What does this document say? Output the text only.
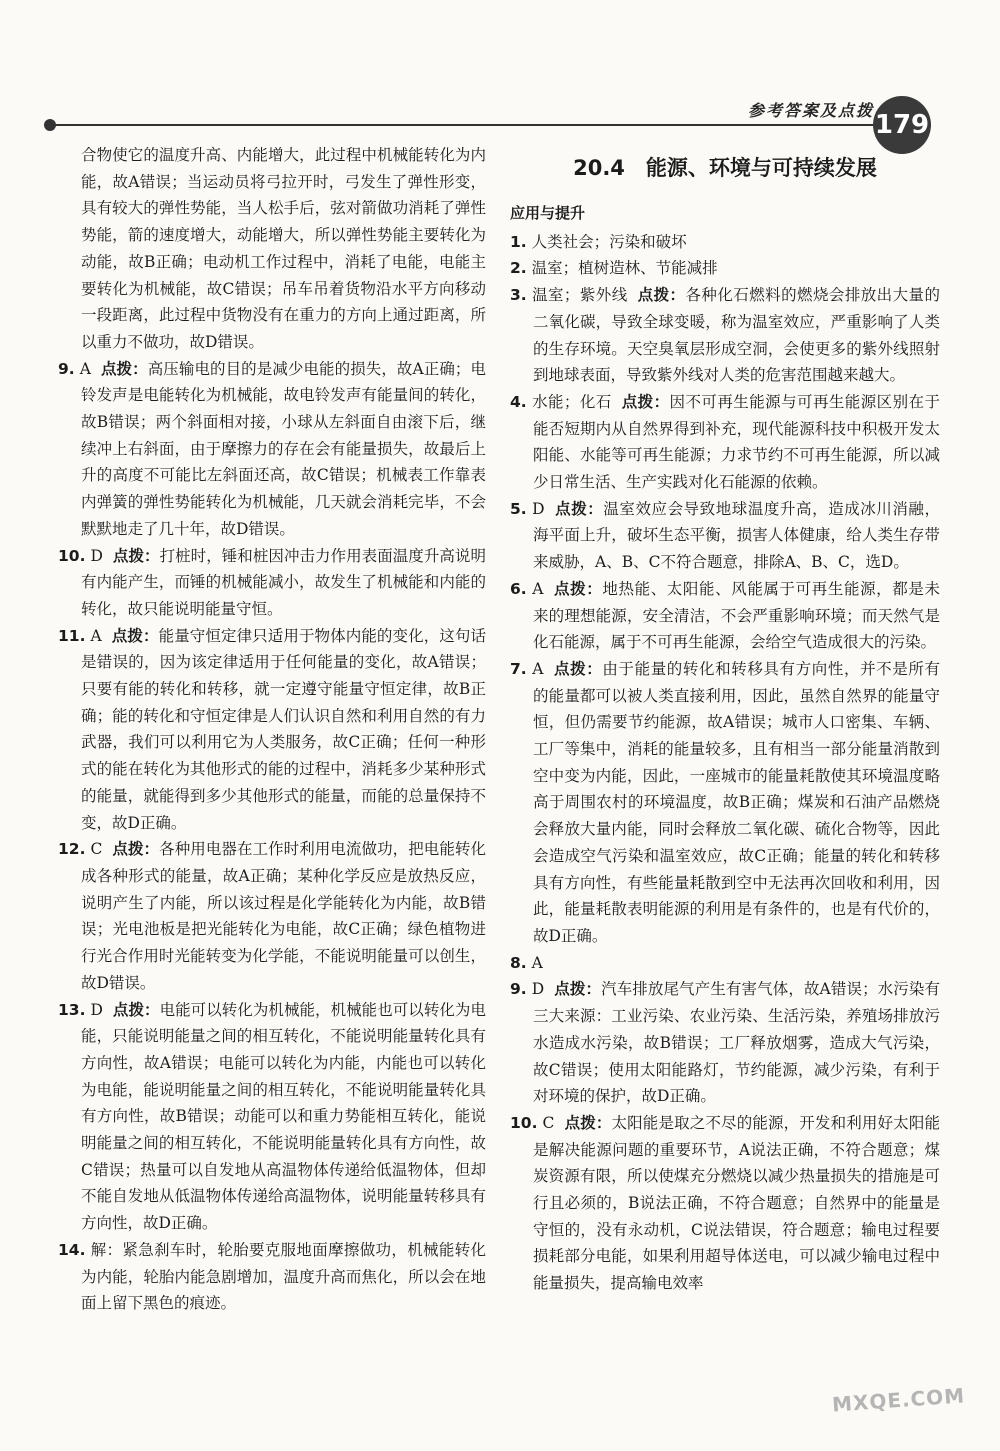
参考答案及点拨 179

合物使它的温度升高、内能增大，此过程中机械能转化为内能，故A错误；当运动员将弓拉开时，弓发生了弹性形变，具有较大的弹性势能，当人松手后，弦对箭做功消耗了弹性势能，箭的速度增大，动能增大，所以弹性势能主要转化为动能，故B正确；电动机工作过程中，消耗了电能，电能主要转化为机械能，故C错误；吊车吊着货物沿水平方向移动一段距离，此过程中货物没有在重力的方向上通过距离，所以重力不做功，故D错误。

9. A 点拨：高压输电的目的是减少电能的损失，故A正确；电铃发声是电能转化为机械能，故电铃发声有能量间的转化，故B错误；两个斜面相对接，小球从左斜面自由滚下后，继续冲上右斜面，由于摩擦力的存在会有能量损失，故最后上升的高度不可能比左斜面还高，故C错误；机械表工作靠表内弹簧的弹性势能转化为机械能，几天就会消耗完毕，不会默默地走了几十年，故D错误。

10. D 点拨：打桩时，锤和桩因冲击力作用表面温度升高说明有内能产生，而锤的机械能减小，故发生了机械能和内能的转化，故只能说明能量守恒。

11. A 点拨：能量守恒定律只适用于物体内能的变化，这句话是错误的，因为该定律适用于任何能量的变化，故A错误；只要有能的转化和转移，就一定遵守能量守恒定律，故B正确；能的转化和守恒定律是人们认识自然和利用自然的有力武器，我们可以利用它为人类服务，故C正确；任何一种形式的能在转化为其他形式的能的过程中，消耗多少某种形式的能量，就能得到多少其他形式的能量，而能的总量保持不变，故D正确。

12. C 点拨：各种用电器在工作时利用电流做功，把电能转化成各种形式的能量，故A正确；某种化学反应是放热反应，说明产生了内能，所以该过程是化学能转化为内能，故B错误；光电池板是把光能转化为电能，故C正确；绿色植物进行光合作用时光能转变为化学能，不能说明能量可以创生，故D错误。

13. D 点拨：电能可以转化为机械能，机械能也可以转化为电能，只能说明能量之间的相互转化，不能说明能量转化具有方向性，故A错误；电能可以转化为内能，内能也可以转化为电能，能说明能量之间的相互转化，不能说明能量转化具有方向性，故B错误；动能可以和重力势能相互转化，能说明能量之间的相互转化，不能说明能量转化具有方向性，故C错误；热量可以自发地从高温物体传递给低温物体，但却不能自发地从低温物体传递给高温物体，说明能量转移具有方向性，故D正确。

14. 解：紧急刹车时，轮胎要克服地面摩擦做功，机械能转化为内能，轮胎内能急剧增加，温度升高而焦化，所以会在地面上留下黑色的痕迹。

20.4　能源、环境与可持续发展
应用与提升

1. 人类社会；污染和破坏

2. 温室；植树造林、节能减排

3. 温室；紫外线 点拨：各种化石燃料的燃烧会排放出大量的二氧化碳，导致全球变暖，称为温室效应，严重影响了人类的生存环境。天空臭氧层形成空洞，会使更多的紫外线照射到地球表面，导致紫外线对人类的危害范围越来越大。

4. 水能；化石 点拨：因不可再生能源与可再生能源区别在于能否短期内从自然界得到补充，现代能源科技中积极开发太阳能、水能等可再生能源；力求节约不可再生能源，所以减少日常生活、生产实践对化石能源的依赖。

5. D 点拨：温室效应会导致地球温度升高，造成冰川消融，海平面上升，破坏生态平衡，损害人体健康，给人类生存带来威胁，A、B、C不符合题意，排除A、B、C，选D。

6. A 点拨：地热能、太阳能、风能属于可再生能源，都是未来的理想能源，安全清洁，不会严重影响环境；而天然气是化石能源，属于不可再生能源，会给空气造成很大的污染。

7. A 点拨：由于能量的转化和转移具有方向性，并不是所有的能量都可以被人类直接利用，因此，虽然自然界的能量守恒，但仍需要节约能源，故A错误；城市人口密集、车辆、工厂等集中，消耗的能量较多，且有相当一部分能量消散到空中变为内能，因此，一座城市的能量耗散使其环境温度略高于周围农村的环境温度，故B正确；煤炭和石油产品燃烧会释放大量内能，同时会释放二氧化碳、硫化合物等，因此会造成空气污染和温室效应，故C正确；能量的转化和转移具有方向性，有些能量耗散到空中无法再次回收和利用，因此，能量耗散表明能源的利用是有条件的，也是有代价的，故D正确。

8. A

9. D 点拨：汽车排放尾气产生有害气体，故A错误；水污染有三大来源：工业污染、农业污染、生活污染，养殖场排放污水造成水污染，故B错误；工厂释放烟雾，造成大气污染，故C错误；使用太阳能路灯，节约能源，减少污染，有利于对环境的保护，故D正确。

10. C 点拨：太阳能是取之不尽的能源，开发和利用好太阳能是解决能源问题的重要环节，A说法正确，不符合题意；煤炭资源有限，所以使煤充分燃烧以减少热量损失的措施是可行且必须的，B说法正确，不符合题意；自然界中的能量是守恒的，没有永动机，C说法错误，符合题意；输电过程要损耗部分电能，如果利用超导体送电，可以减少输电过程中能量损失，提高输电效率

MXQE.COM
